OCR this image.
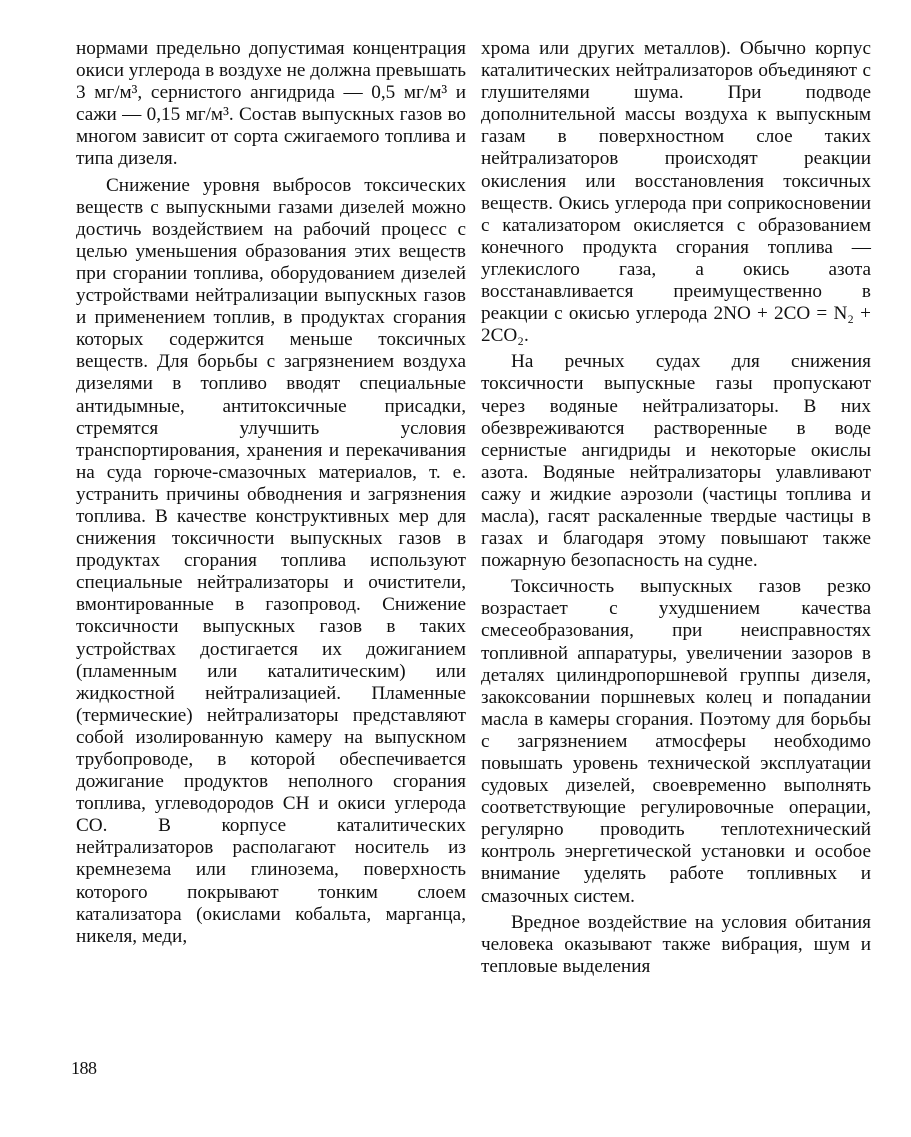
нормами предельно допустимая концентрация окиси углерода в воздухе не должна превышать 3 мг/м³, сернистого ангидрида — 0,5 мг/м³ и сажи — 0,15 мг/м³. Состав выпускных газов во многом зависит от сорта сжигаемого топлива и типа дизеля.

Снижение уровня выбросов токсических веществ с выпускными газами дизелей можно достичь воздействием на рабочий процесс с целью уменьшения образования этих веществ при сгорании топлива, оборудованием дизелей устройствами нейтрализации выпускных газов и применением топлив, в продуктах сгорания которых содержится меньше токсичных веществ. Для борьбы с загрязнением воздуха дизелями в топливо вводят специальные антидымные, антитоксичные присадки, стремятся улучшить условия транспортирования, хранения и перекачивания на суда горюче-смазочных материалов, т. е. устранить причины обводнения и загрязнения топлива. В качестве конструктивных мер для снижения токсичности выпускных газов в продуктах сгорания топлива используют специальные нейтрализаторы и очистители, вмонтированные в газопровод. Снижение токсичности выпускных газов в таких устройствах достигается их дожиганием (пламенным или каталитическим) или жидкостной нейтрализацией. Пламенные (термические) нейтрализаторы представляют собой изолированную камеру на выпускном трубопроводе, в которой обеспечивается дожигание продуктов неполного сгорания топлива, углеводородов CH и окиси углерода CO. В корпусе каталитических нейтрализаторов располагают носитель из кремнезема или глинозема, поверхность которого покрывают тонким слоем катализатора (окислами кобальта, марганца, никеля, меди,

хрома или других металлов). Обычно корпус каталитических нейтрализаторов объединяют с глушителями шума. При подводе дополнительной массы воздуха к выпускным газам в поверхностном слое таких нейтрализаторов происходят реакции окисления или восстановления токсичных веществ. Окись углерода при соприкосновении с катализатором окисляется с образованием конечного продукта сгорания топлива — углекислого газа, а окись азота восстанавливается преимущественно в реакции с окисью углерода 2NO + 2CO = N₂ + 2CO₂.

На речных судах для снижения токсичности выпускные газы пропускают через водяные нейтрализаторы. В них обезвреживаются растворенные в воде сернистые ангидриды и некоторые окислы азота. Водяные нейтрализаторы улавливают сажу и жидкие аэрозоли (частицы топлива и масла), гасят раскаленные твердые частицы в газах и благодаря этому повышают также пожарную безопасность на судне.

Токсичность выпускных газов резко возрастает с ухудшением качества смесеобразования, при неисправностях топливной аппаратуры, увеличении зазоров в деталях цилиндропоршневой группы дизеля, закоксовании поршневых колец и попадании масла в камеры сгорания. Поэтому для борьбы с загрязнением атмосферы необходимо повышать уровень технической эксплуатации судовых дизелей, своевременно выполнять соответствующие регулировочные операции, регулярно проводить теплотехнический контроль энергетической установки и особое внимание уделять работе топливных и смазочных систем.

Вредное воздействие на условия обитания человека оказывают также вибрация, шум и тепловые выделения

188
